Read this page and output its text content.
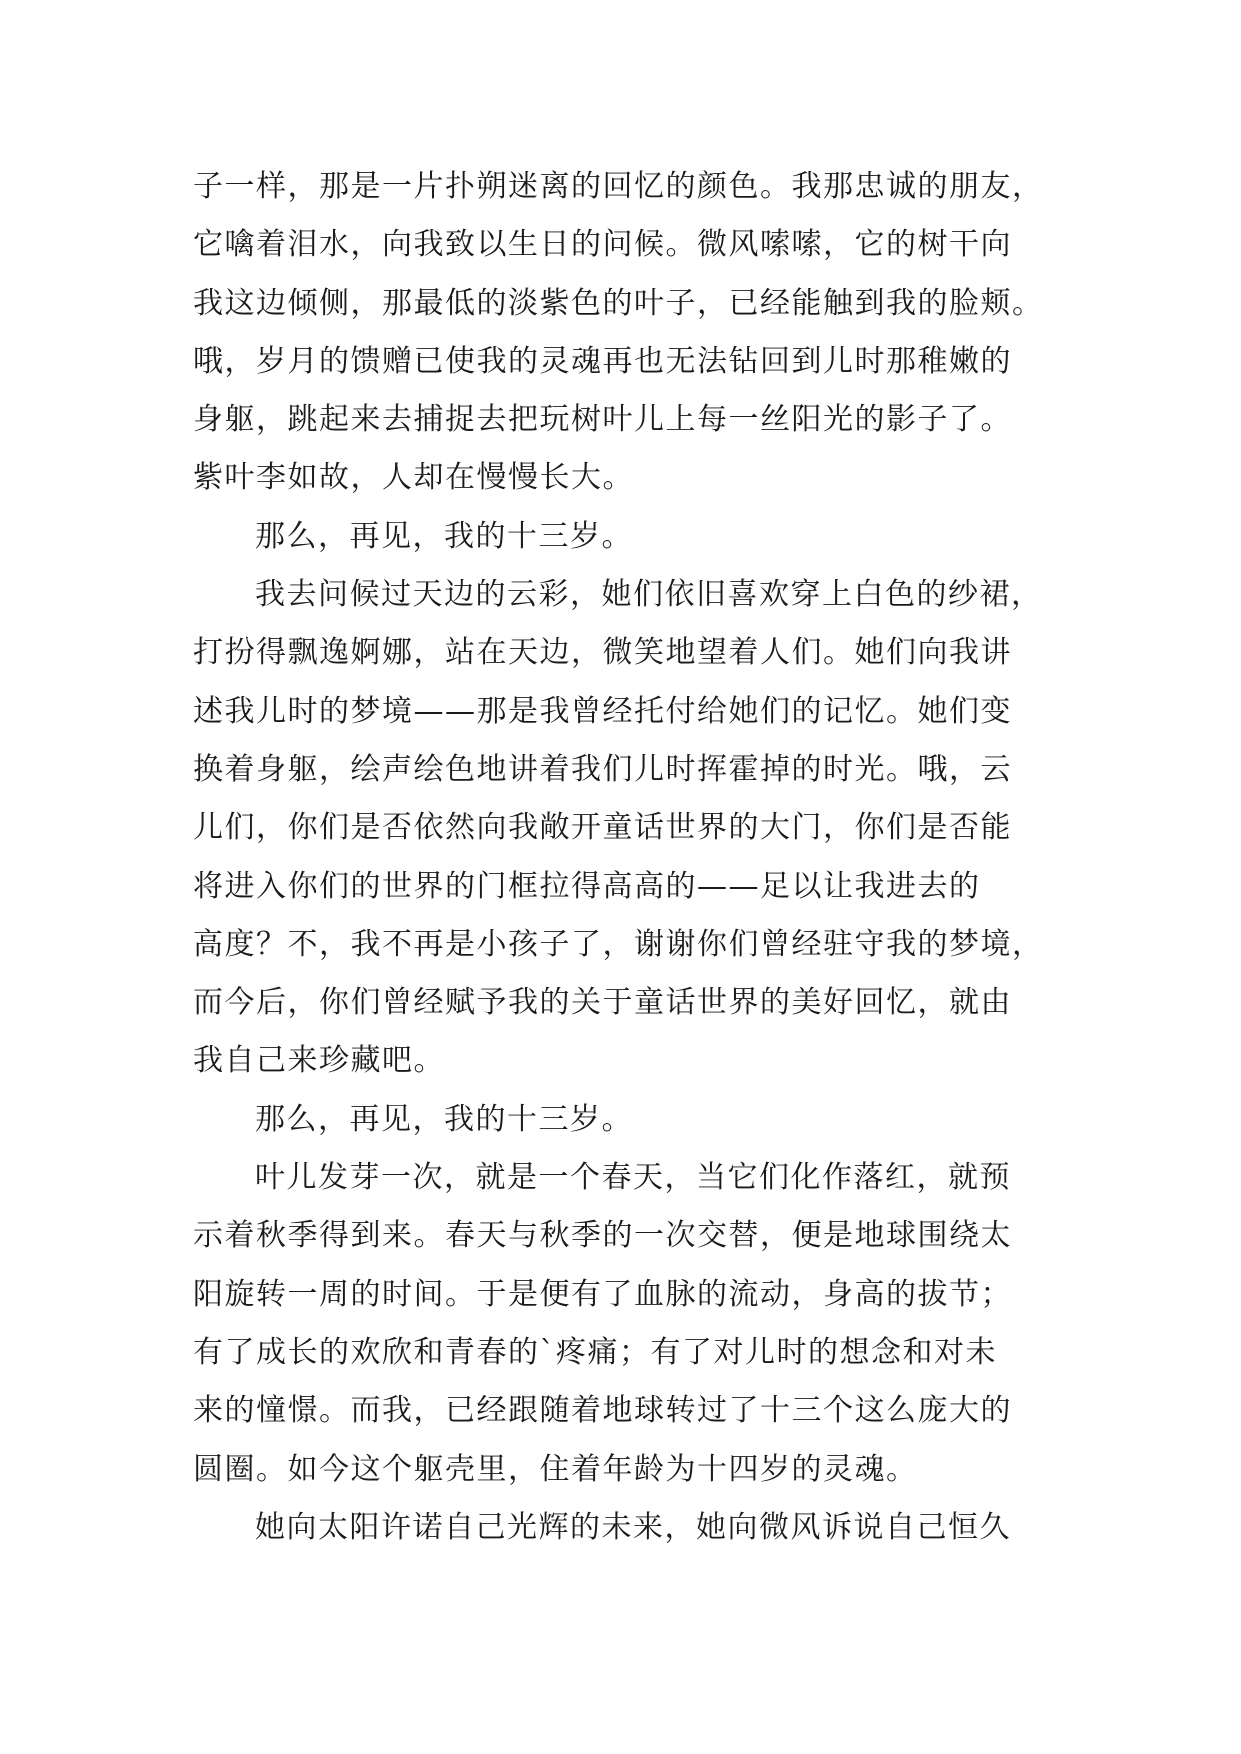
子一样，那是一片扑朔迷离的回忆的颜色。我那忠诚的朋友，
它噙着泪水，向我致以生日的问候。微风嗦嗦，它的树干向
我这边倾侧，那最低的淡紫色的叶子，已经能触到我的脸颊。
哦，岁月的馈赠已使我的灵魂再也无法钻回到儿时那稚嫩的
身躯，跳起来去捕捉去把玩树叶儿上每一丝阳光的影子了。
紫叶李如故，人却在慢慢长大。
那么，再见，我的十三岁。
我去问候过天边的云彩，她们依旧喜欢穿上白色的纱裙，
打扮得飘逸婀娜，站在天边，微笑地望着人们。她们向我讲
述我儿时的梦境——那是我曾经托付给她们的记忆。她们变
换着身躯，绘声绘色地讲着我们儿时挥霍掉的时光。哦，云
儿们，你们是否依然向我敞开童话世界的大门，你们是否能
将进入你们的世界的门框拉得高高的——足以让我进去的
高度？不，我不再是小孩子了，谢谢你们曾经驻守我的梦境，
而今后，你们曾经赋予我的关于童话世界的美好回忆，就由
我自己来珍藏吧。
那么，再见，我的十三岁。
叶儿发芽一次，就是一个春天，当它们化作落红，就预
示着秋季得到来。春天与秋季的一次交替，便是地球围绕太
阳旋转一周的时间。于是便有了血脉的流动，身高的拔节；
有了成长的欢欣和青春的`疼痛；有了对儿时的想念和对未
来的憧憬。而我，已经跟随着地球转过了十三个这么庞大的
圆圈。如今这个躯壳里，住着年龄为十四岁的灵魂。
她向太阳许诺自己光辉的未来，她向微风诉说自己恒久
